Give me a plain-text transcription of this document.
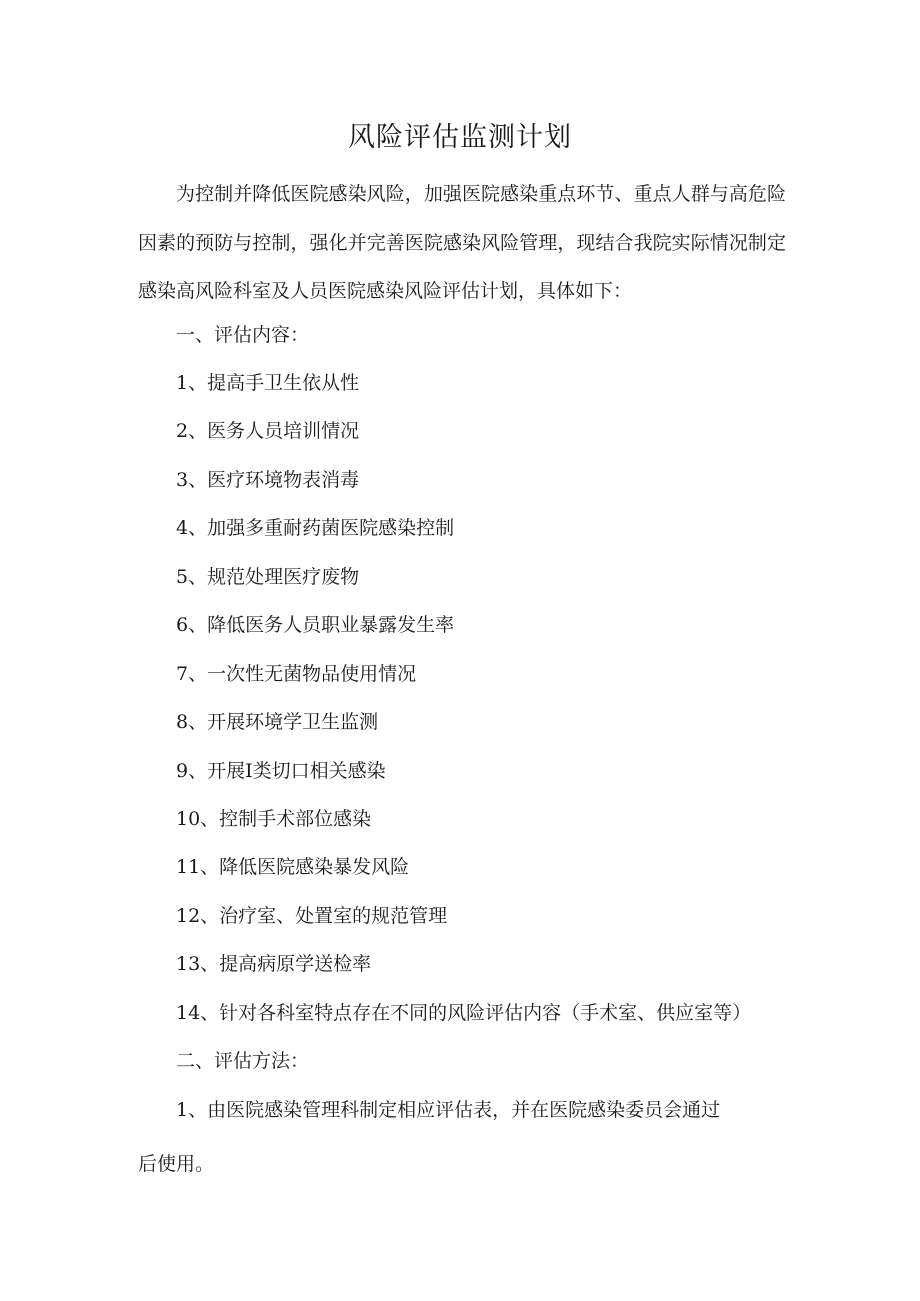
风险评估监测计划

为控制并降低医院感染风险，加强医院感染重点环节、重点人群与高危险因素的预防与控制，强化并完善医院感染风险管理，现结合我院实际情况制定感染高风险科室及人员医院感染风险评估计划，具体如下：

一、评估内容：
1、提高手卫生依从性
2、医务人员培训情况
3、医疗环境物表消毒
4、加强多重耐药菌医院感染控制
5、规范处理医疗废物
6、降低医务人员职业暴露发生率
7、一次性无菌物品使用情况
8、开展环境学卫生监测
9、开展I类切口相关感染
10、控制手术部位感染
11、降低医院感染暴发风险
12、治疗室、处置室的规范管理
13、提高病原学送检率
14、针对各科室特点存在不同的风险评估内容（手术室、供应室等）
二、评估方法：
1、由医院感染管理科制定相应评估表，并在医院感染委员会通过
后使用。
